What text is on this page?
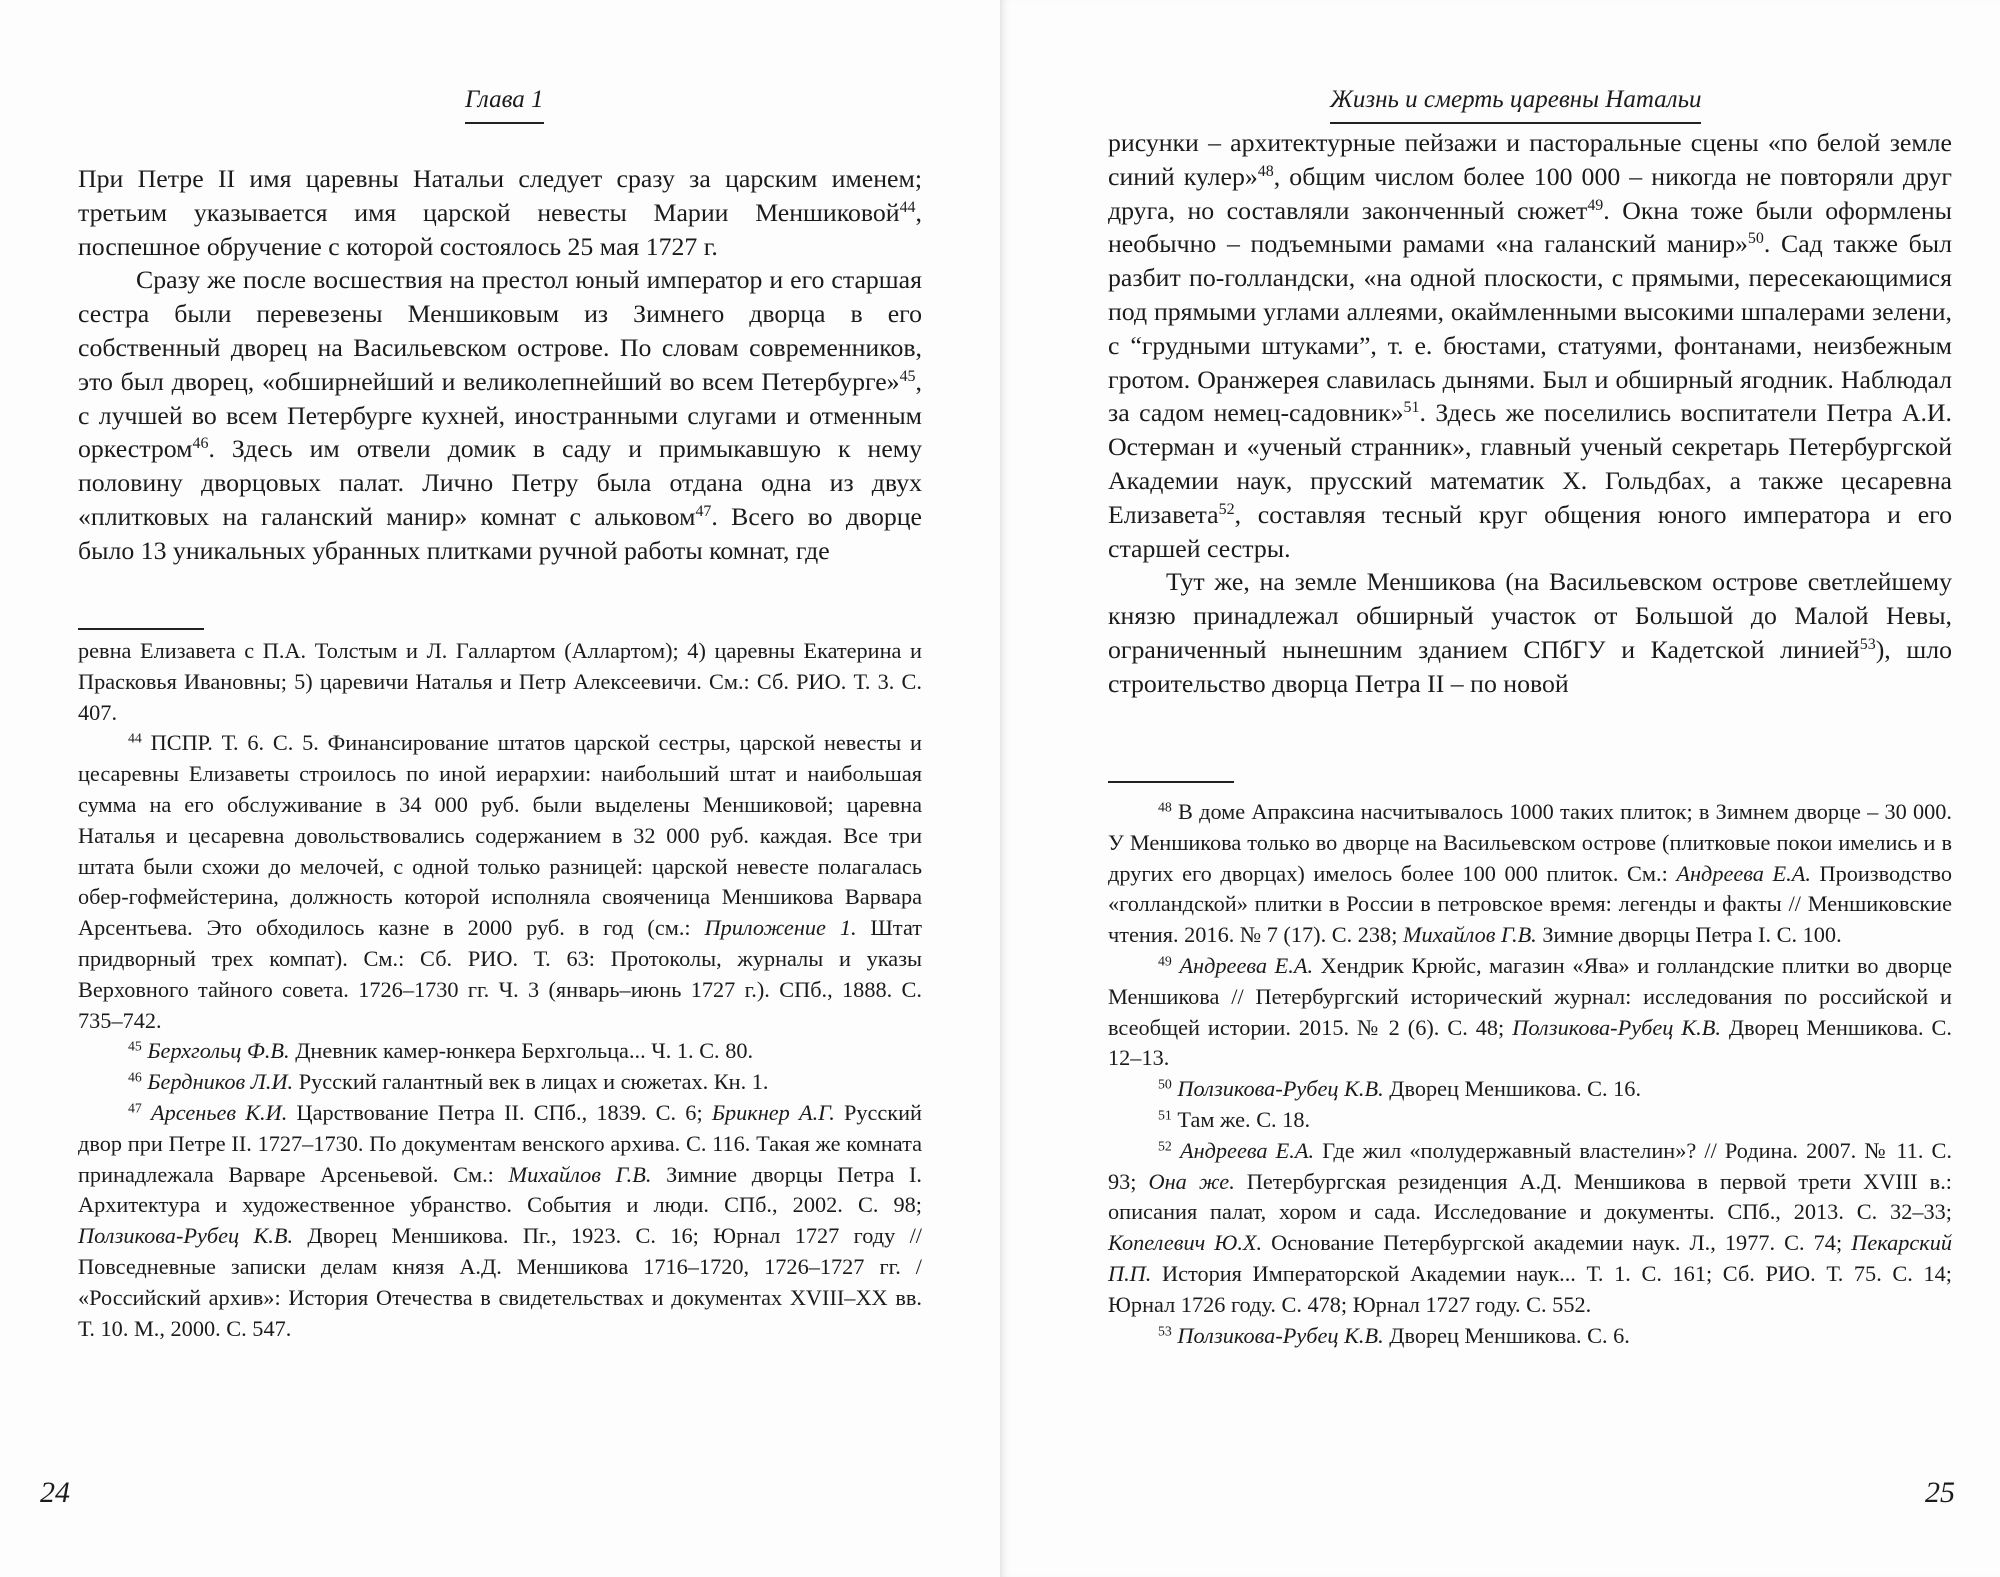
Глава 1

При Петре II имя царевны Натальи следует сразу за царским именем; третьим указывается имя царской невесты Марии Меншиковой$^{44}$, поспешное обручение с которой состоялось 25 мая 1727 г.

Сразу же после восшествия на престол юный император и его старшая сестра были перевезены Меншиковым из Зимнего дворца в его собственный дворец на Васильевском острове. По словам современников, это был дворец, «обширнейший и великолепнейший во всем Петербурге»$^{45}$, с лучшей во всем Петербурге кухней, иностранными слугами и отменным оркестром$^{46}$. Здесь им отвели домик в саду и примыкавшую к нему половину дворцовых палат. Лично Петру была отдана одна из двух «плитковых на галанский манир» комнат с альковом$^{47}$. Всего во дворце было 13 уникальных убранных плитками ручной работы комнат, где

ревна Елизавета с П.А. Толстым и Л. Галлартом (Аллартом); 4) царевны Екатерина и Прасковья Ивановны; 5) царевичи Наталья и Петр Алексеевичи. См.: Сб. РИО. Т. 3. С. 407.

$^{44}$ ПСПР. Т. 6. С. 5. Финансирование штатов царской сестры, царской невесты и цесаревны Елизаветы строилось по иной иерархии: наибольший штат и наибольшая сумма на его обслуживание в 34 000 руб. были выделены Меншиковой; царевна Наталья и цесаревна довольствовались содержанием в 32 000 руб. каждая. Все три штата были схожи до мелочей, с одной только разницей: царской невесте полагалась обер-гофмейстерина, должность которой исполняла свояченица Меншикова Варвара Арсентьева. Это обходилось казне в 2000 руб. в год (см.: Приложение 1. Штат придворный трех компат). См.: Сб. РИО. Т. 63: Протоколы, журналы и указы Верховного тайного совета. 1726–1730 гг. Ч. 3 (январь–июнь 1727 г.). СПб., 1888. С. 735–742.

$^{45}$ Берхгольц Ф.В. Дневник камер-юнкера Берхгольца... Ч. 1. С. 80.

$^{46}$ Бердников Л.И. Русский галантный век в лицах и сюжетах. Кн. 1.

$^{47}$ Арсеньев К.И. Царствование Петра II. СПб., 1839. С. 6; Брикнер А.Г. Русский двор при Петре II. 1727–1730. По документам венского архива. С. 116. Такая же комната принадлежала Варваре Арсеньевой. См.: Михайлов Г.В. Зимние дворцы Петра I. Архитектура и художественное убранство. События и люди. СПб., 2002. С. 98; Ползикова-Рубец К.В. Дворец Меншикова. Пг., 1923. С. 16; Юрнал 1727 году // Повседневные записки делам князя А.Д. Меншикова 1716–1720, 1726–1727 гг. / «Российский архив»: История Отечества в свидетельствах и документах XVIII–XX вв. Т. 10. М., 2000. С. 547.

24
Жизнь и смерть царевны Натальи

рисунки – архитектурные пейзажи и пасторальные сцены «по белой земле синий кулер»$^{48}$, общим числом более 100 000 – никогда не повторяли друг друга, но составляли законченный сюжет$^{49}$. Окна тоже были оформлены необычно – подъемными рамами «на галанский манир»$^{50}$. Сад также был разбит по-голландски, «на одной плоскости, с прямыми, пересекающимися под прямыми углами аллеями, окаймленными высокими шпалерами зелени, с “грудными штуками”, т. е. бюстами, статуями, фонтанами, неизбежным гротом. Оранжерея славилась дынями. Был и обширный ягодник. Наблюдал за садом немец-садовник»$^{51}$. Здесь же поселились воспитатели Петра А.И. Остерман и «ученый странник», главный ученый секретарь Петербургской Академии наук, прусский математик Х. Гольдбах, а также цесаревна Елизавета$^{52}$, составляя тесный круг общения юного императора и его старшей сестры.

Тут же, на земле Меншикова (на Васильевском острове светлейшему князю принадлежал обширный участок от Большой до Малой Невы, ограниченный нынешним зданием СПбГУ и Кадетской линией$^{53}$), шло строительство дворца Петра II – по новой

$^{48}$ В доме Апраксина насчитывалось 1000 таких плиток; в Зимнем дворце – 30 000. У Меншикова только во дворце на Васильевском острове (плитковые покои имелись и в других его дворцах) имелось более 100 000 плиток. См.: Андреева Е.А. Производство «голландской» плитки в России в петровское время: легенды и факты // Меншиковские чтения. 2016. № 7 (17). С. 238; Михайлов Г.В. Зимние дворцы Петра I. С. 100.

$^{49}$ Андреева Е.А. Хендрик Крюйс, магазин «Ява» и голландские плитки во дворце Меншикова // Петербургский исторический журнал: исследования по российской и всеобщей истории. 2015. № 2 (6). С. 48; Ползикова-Рубец К.В. Дворец Меншикова. С. 12–13.

$^{50}$ Ползикова-Рубец К.В. Дворец Меншикова. С. 16.

$^{51}$ Там же. С. 18.

$^{52}$ Андреева Е.А. Где жил «полудержавный властелин»? // Родина. 2007. № 11. С. 93; Она же. Петербургская резиденция А.Д. Меншикова в первой трети XVIII в.: описания палат, хором и сада. Исследование и документы. СПб., 2013. С. 32–33; Копелевич Ю.Х. Основание Петербургской академии наук. Л., 1977. С. 74; Пекарский П.П. История Императорской Академии наук... Т. 1. С. 161; Сб. РИО. Т. 75. С. 14; Юрнал 1726 году. С. 478; Юрнал 1727 году. С. 552.

$^{53}$ Ползикова-Рубец К.В. Дворец Меншикова. С. 6.

25
